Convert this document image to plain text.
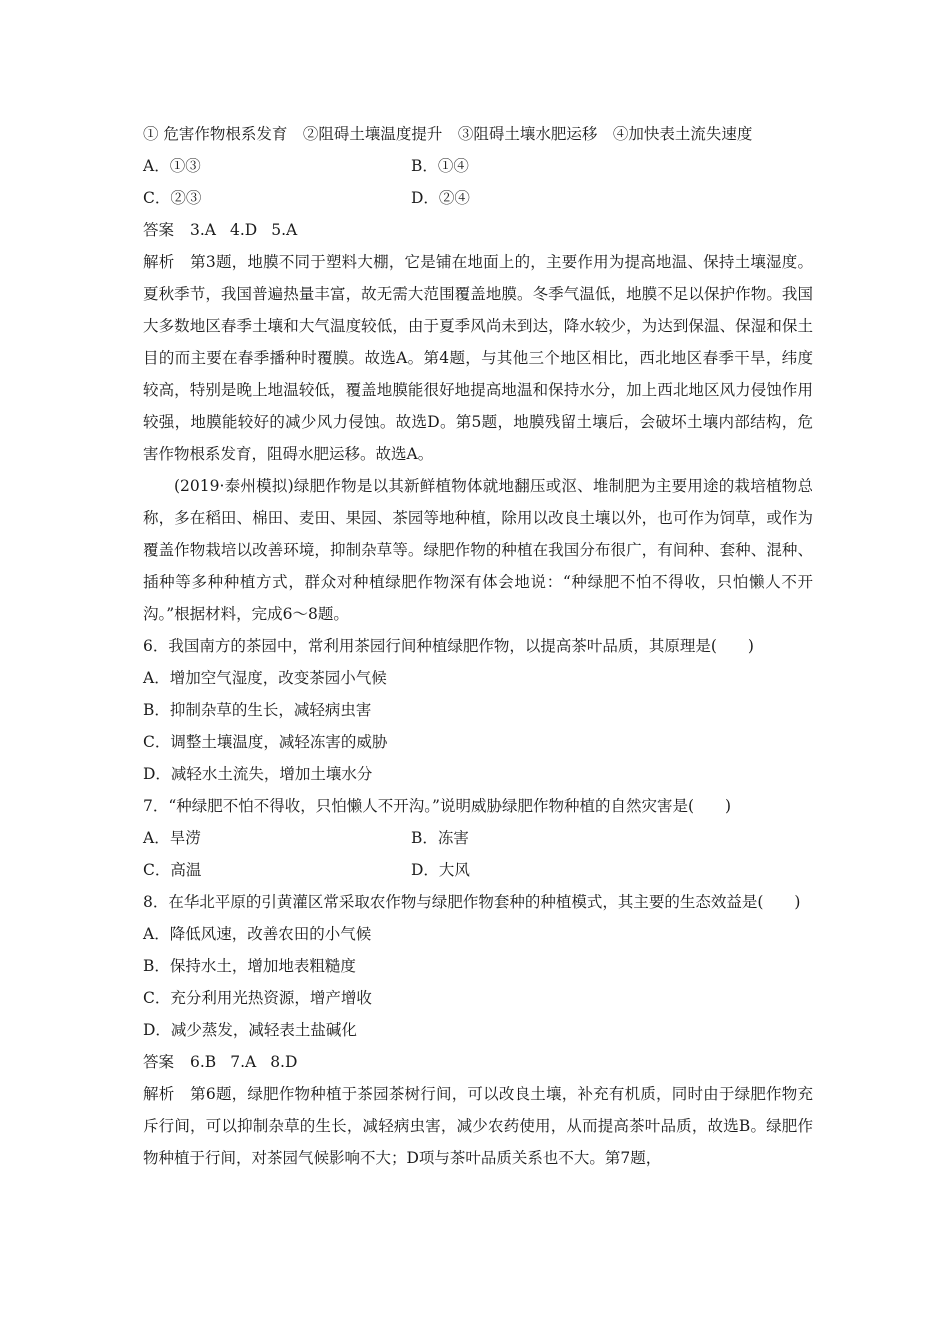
① 危害作物根系发育　②阻碍土壤温度提升　③阻碍土壤水肥运移　④加快表土流失速度
A．①③	B．①④
C．②③	D．②④
答案 3.A 4.D 5.A
解析　第3题，地膜不同于塑料大棚，它是铺在地面上的，主要作用为提高地温、保持土壤湿度。夏秋季节，我国普遍热量丰富，故无需大范围覆盖地膜。冬季气温低，地膜不足以保护作物。我国大多数地区春季土壤和大气温度较低，由于夏季风尚未到达，降水较少，为达到保温、保湿和保土目的而主要在春季播种时覆膜。故选A。第4题，与其他三个地区相比，西北地区春季干旱，纬度较高，特别是晚上地温较低，覆盖地膜能很好地提高地温和保持水分，加上西北地区风力侵蚀作用较强，地膜能较好的减少风力侵蚀。故选D。第5题，地膜残留土壤后，会破坏土壤内部结构，危害作物根系发育，阻碍水肥运移。故选A。
(2019·泰州模拟)绿肥作物是以其新鲜植物体就地翻压或沤、堆制肥为主要用途的栽培植物总称，多在稻田、棉田、麦田、果园、茶园等地种植，除用以改良土壤以外，也可作为饲草，或作为覆盖作物栽培以改善环境，抑制杂草等。绿肥作物的种植在我国分布很广，有间种、套种、混种、插种等多种种植方式，群众对种植绿肥作物深有体会地说：“种绿肥不怕不得收，只怕懒人不开沟。”根据材料，完成6～8题。
6．我国南方的茶园中，常利用茶园行间种植绿肥作物，以提高茶叶品质，其原理是(　　)
A．增加空气湿度，改变茶园小气候
B．抑制杂草的生长，减轻病虫害
C．调整土壤温度，减轻冻害的威胁
D．减轻水土流失，增加土壤水分
7．“种绿肥不怕不得收，只怕懒人不开沟。”说明威胁绿肥作物种植的自然灾害是(　　)
A．旱涝	B．冻害
C．高温	D．大风
8．在华北平原的引黄灌区常采取农作物与绿肥作物套种的种植模式，其主要的生态效益是(　　)
A．降低风速，改善农田的小气候
B．保持水土，增加地表粗糙度
C．充分利用光热资源，增产增收
D．减少蒸发，减轻表土盐碱化
答案 6.B 7.A 8.D
解析　第6题，绿肥作物种植于茶园茶树行间，可以改良土壤，补充有机质，同时由于绿肥作物充斥行间，可以抑制杂草的生长，减轻病虫害，减少农药使用，从而提高茶叶品质，故选B。绿肥作物种植于行间，对茶园气候影响不大；D项与茶叶品质关系也不大。第7题，
